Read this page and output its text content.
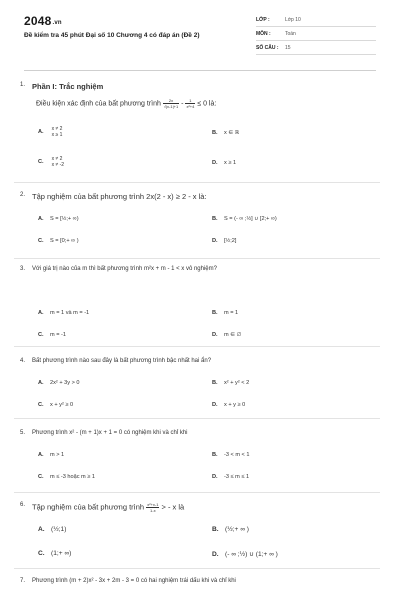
2048.vn
Đề kiểm tra 45 phút Đại số 10 Chương 4 có đáp án (Đề 2)
LỚP :	Lớp 10
MÔN :	Toán
SỐ CÂU :	15
1. Phần I: Trắc nghiệm
Điều kiện xác định của bất phương trình $\frac{2x}{√|x-1|+1} - \frac{1}{\text{x²+4}} \le 0$ là:
A. x ≠ 2
x ≥ 1	B. x ∈ ℝ
C. x ≠ 2
x ≠ -2	D. x ≥ 1
2. Tập nghiệm của bất phương trình 2x(2 - x) ≥ 2 - x là:
A. S = [½;+ ∞)	B. S = (- ∞ ;½] ∪ [2;+ ∞)
C. S = [0;+ ∞ )	D. [½;2]
3. Với giá trị nào của m thì bất phương trình m²x + m - 1 < x vô nghiệm?
A. m = 1 và m = -1	B. m = 1
C. m = -1	D. m ∈ ∅
4. Bất phương trình nào sau đây là bất phương trình bậc nhất hai ẩn?
A. 2x² + 3y > 0	B. x² + y² < 2
C. x + y² ≥ 0	D. x + y ≥ 0
5. Phương trình x² - (m + 1)x + 1 = 0 có nghiệm khi và chỉ khi
A. m > 1	B. -3 < m < 1
C. m ≤ -3 hoặc m ≥ 1	D. -3 ≤ m ≤ 1
6. Tập nghiệm của bất phương trình $\frac{\text{x²+x-1}}{1-x}$ > - x là
A. (½;1)	B. (½;+ ∞ )
C. (1;+ ∞)	D. (- ∞ ;½) ∪ (1;+ ∞ )
7. Phương trình (m + 2)x² - 3x + 2m - 3 = 0 có hai nghiệm trái dấu khi và chỉ khi
